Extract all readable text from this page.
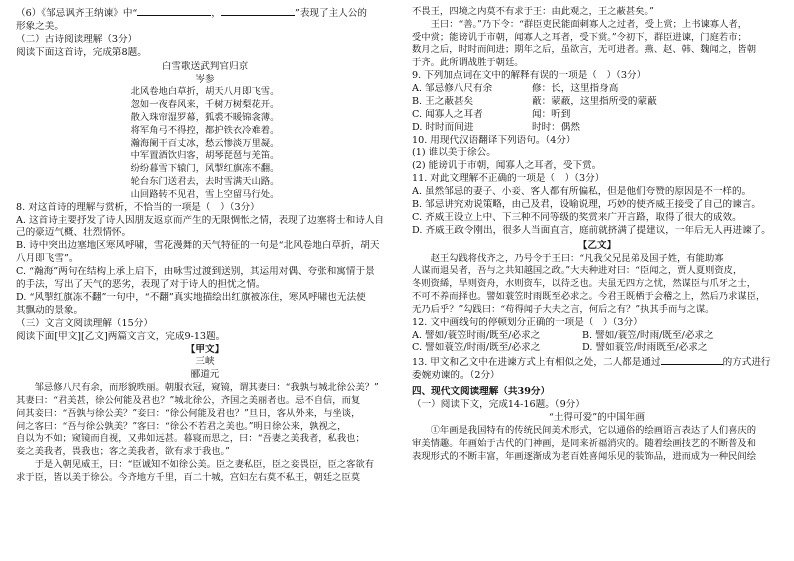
（6）《邹忌讽齐王纳谏》中“	，	”表现了主人公的

形象之美。

（二）古诗阅读理解（3分）

阅读下面这首诗，完成第8题。

白雪歌送武判官归京

岑参

北风卷地白草折，胡天八月即飞雪。

忽如一夜春风来，千树万树梨花开。

散入珠帘湿罗幕，狐裘不暖锦衾薄。

将军角弓不得控，都护铁衣冷难着。

瀚海阑干百丈冰，愁云惨淡万里凝。

中军置酒饮归客，胡琴琵琶与羌笛。

纷纷暮雪下辕门，风掣红旗冻不翻。

轮台东门送君去，去时雪满天山路。

山回路转不见君，雪上空留马行处。

8. 对这首诗的理解与赏析，不恰当的一项是（　）（3分）

A. 这首诗主要抒发了诗人因朋友返京而产生的无限惆怅之情，表现了边塞将士和诗人自

己的豪迈气概、壮烈情怀。

B. 诗中突出边塞地区寒风呼啸，雪花漫舞的天气特征的一句是“北风卷地白草折，胡天

八月即飞雪”。

C. “瀚海”两句在结构上承上启下，由咏雪过渡到送别，其运用对偶、夸张和寓情于景

的手法，写出了天气的恶劣，表现了对于诗人的担忧之情。

D. “风掣红旗冻不翻”一句中，“不翻”真实地描绘出红旗被冻住，寒风呼啸也无法使

其飘动的景象。

（三）文言文阅读理解（15分）

阅读下面[甲文][乙文]两篇文言文，完成9-13题。

【甲文】

三峡

郦道元

邹忌修八尺有余，而形貌昳丽。朝服衣冠，窥镜，谓其妻曰：“我孰与城北徐公美？”

其妻曰：“君美甚，徐公何能及君也？”城北徐公，齐国之美丽者也。忌不自信，而复

问其妾曰：“吾孰与徐公美？”妾曰：“徐公何能及君也？”旦日，客从外来，与坐谈，

问之客曰：“吾与徐公孰美？”客曰：“徐公不若君之美也。”明日徐公来，孰视之，

自以为不如；窥镜而自视，又弗如远甚。暮寝而思之，曰：“吾妻之美我者，私我也；

妾之美我者，畏我也；客之美我者，欲有求于我也。”

于是入朝见威王，曰：“臣诚知不如徐公美。臣之妻私臣，臣之妾畏臣，臣之客欲有

求于臣，皆以美于徐公。今齐地方千里，百二十城，宫妇左右莫不私王，朝廷之臣莫

不畏王，四境之内莫不有求于王：由此观之，王之蔽甚矣。”

王曰：“善。”乃下令：“群臣吏民能面刺寡人之过者，受上赏；上书谏寡人者，

受中赏；能谤讥于市朝，闻寡人之耳者，受下赏。”令初下，群臣进谏，门庭若市；

数月之后，时时而间进；期年之后，虽欲言，无可进者。燕、赵、韩、魏闻之，皆朝

于齐。此所谓战胜于朝廷。

9. 下列加点词在文中的解释有误的一项是（　）（3分）

A. 邹忌修八尺有余	修：长，这里指身高

B. 王之蔽甚矣	蔽：蒙蔽，这里指所受的蒙蔽

C. 闻寡人之耳者	闻：听到

D. 时时而间进	时时：偶然

10. 用现代汉语翻译下列语句。（4分）

(1) 谁以美于徐公。

(2) 能谤讥于市朝，闻寡人之耳者，受下赏。

11. 对此文理解不正确的一项是（　）（3分）

A. 虽然邹忌的妻子、小妾、客人都有所偏私，但是他们夸赞的原因是不一样的。

B. 邹忌讲究劝说策略，由己及君，设喻说理，巧妙的使齐威王接受了自己的谏言。

C. 齐威王设立上中、下三种不同等级的奖赏来广开言路，取得了很大的成效。

D. 齐威王政令刚出，很多人当面直言，庭前就挤满了提建议，一年后无人再进谏了。

【乙文】

赵王勾践将伐齐之，乃号令于王曰：“凡我父兄昆弟及国子姓，有能助寡

人谋而退吴者，吾与之共知越国之政。”大夫种进对曰：“臣闻之，贾人夏则资皮，

冬则资絺，旱则资舟，水则资车，以待乏也。夫虽无四方之忧，然谋臣与爪牙之士，

不可不养而择也。譬如蓑笠时雨既至必求之。今君王既栖于会稽之上，然后乃求谋臣，

无乃后乎？”勾践曰：“苟得闻子大夫之言，何后之有？”执其手而与之谋。

12. 文中画线句的停顿划分正确的一项是（　）（3分）

A. 譬如/蓑笠时雨/既至/必求之	B. 譬如/蓑笠/时雨/既至/必求之

C. 譬如蓑笠/时雨/既至/必求之	D. 譬如蓑笠/时雨既至/必求之

13. 甲文和乙文中在进谏方式上有相似之处，二人都是通过	的方式进行

委婉劝谏的。（2分）

四、现代文阅读理解（共39分）

（一）阅读下文，完成14-16题。（9分）

“土得可爱”的中国年画

①年画是我国特有的传统民间美术形式，它以通俗的绘画语言表达了人们喜庆的

审美情趣。年画始于古代的门神画，是同来祈福消灾的。随着绘画技艺的不断普及和

表现形式的不断丰富，年画逐渐成为老百姓喜闻乐见的装饰品，进而成为一种民间绘
